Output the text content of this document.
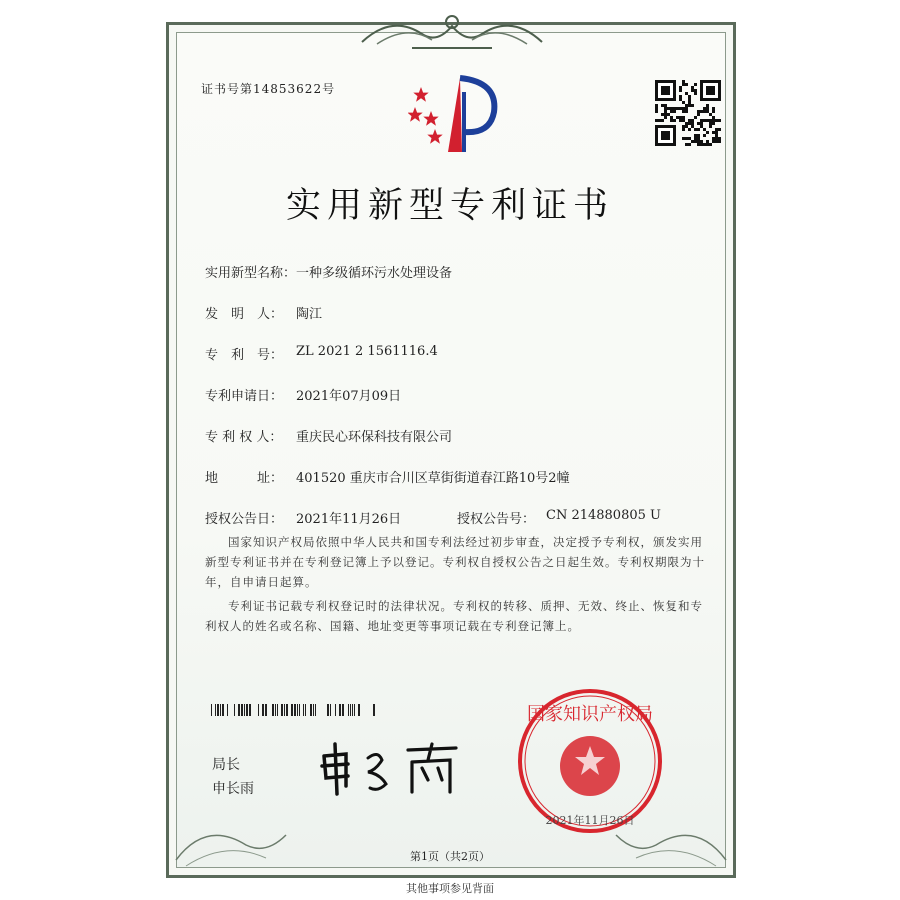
证书号第14853622号
实用新型专利证书
实用新型名称： 一种多级循环污水处理设备
发　明　人： 陶江
专　利　号： ZL 2021 2 1561116.4
专利申请日： 2021年07月09日
专 利 权 人： 重庆民心环保科技有限公司
地　　　址： 401520 重庆市合川区草街街道春江路10号2幢
授权公告日： 2021年11月26日	授权公告号： CN 214880805 U
国家知识产权局依照中华人民共和国专利法经过初步审查，决定授予专利权，颁发实用新型专利证书并在专利登记簿上予以登记。专利权自授权公告之日起生效。专利权期限为十年，自申请日起算。
专利证书记载专利权登记时的法律状况。专利权的转移、质押、无效、终止、恢复和专利权人的姓名或名称、国籍、地址变更等事项记载在专利登记簿上。
局长
申长雨
国家知识产权局
2021年11月26日
第1页（共2页）
其他事项参见背面
